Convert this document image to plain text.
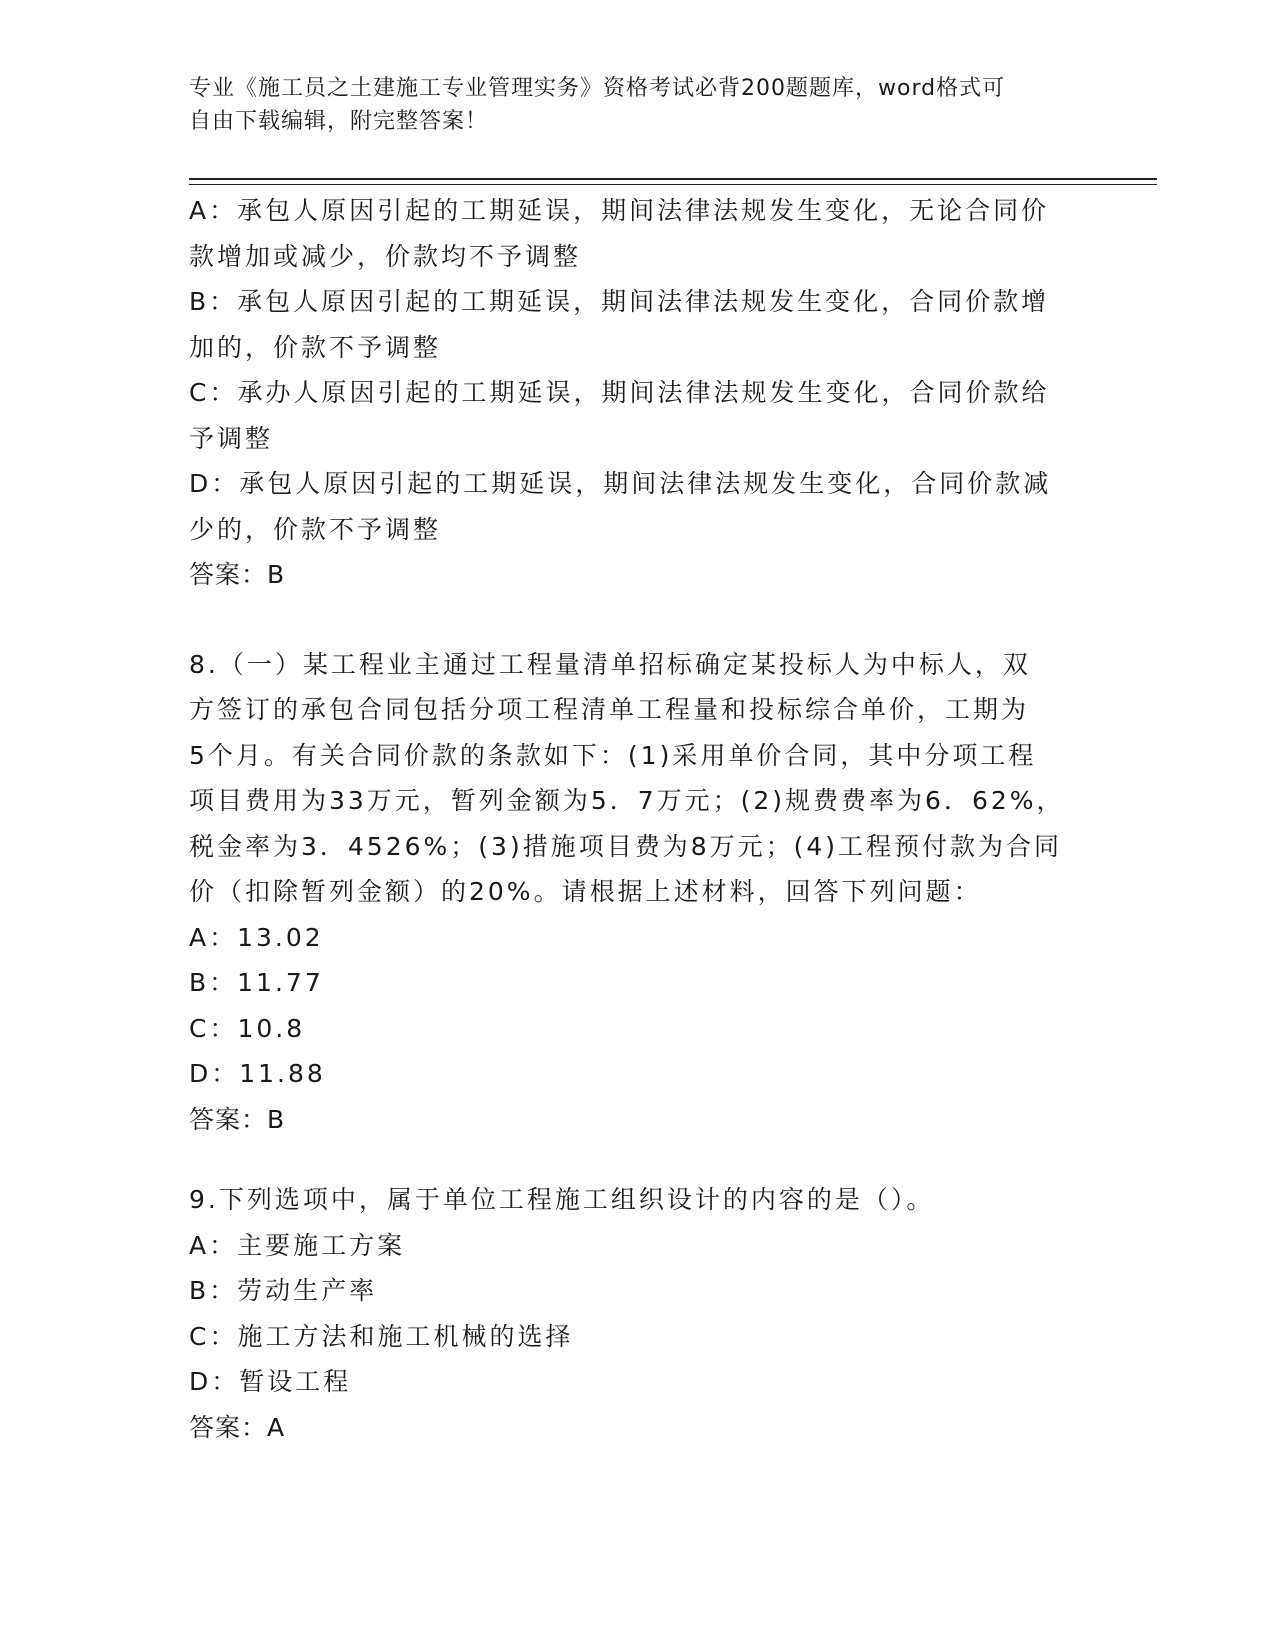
专业《施工员之土建施工专业管理实务》资格考试必背200题题库，word格式可
自由下载编辑，附完整答案！
A：承包人原因引起的工期延误，期间法律法规发生变化，无论合同价
款增加或减少，价款均不予调整
B：承包人原因引起的工期延误，期间法律法规发生变化，合同价款增
加的，价款不予调整
C：承办人原因引起的工期延误，期间法律法规发生变化，合同价款给
予调整
D：承包人原因引起的工期延误，期间法律法规发生变化，合同价款减
少的，价款不予调整
答案：B
8.（一）某工程业主通过工程量清单招标确定某投标人为中标人，双
方签订的承包合同包括分项工程清单工程量和投标综合单价，工期为
5个月。有关合同价款的条款如下：(1)采用单价合同，其中分项工程
项目费用为33万元，暂列金额为5．7万元；(2)规费费率为6．62%，
税金率为3．4526%；(3)措施项目费为8万元；(4)工程预付款为合同
价（扣除暂列金额）的20%。请根据上述材料，回答下列问题：
A：13.02
B：11.77
C：10.8
D：11.88
答案：B
9.下列选项中，属于单位工程施工组织设计的内容的是（）。
A：主要施工方案
B：劳动生产率
C：施工方法和施工机械的选择
D：暂设工程
答案：A
